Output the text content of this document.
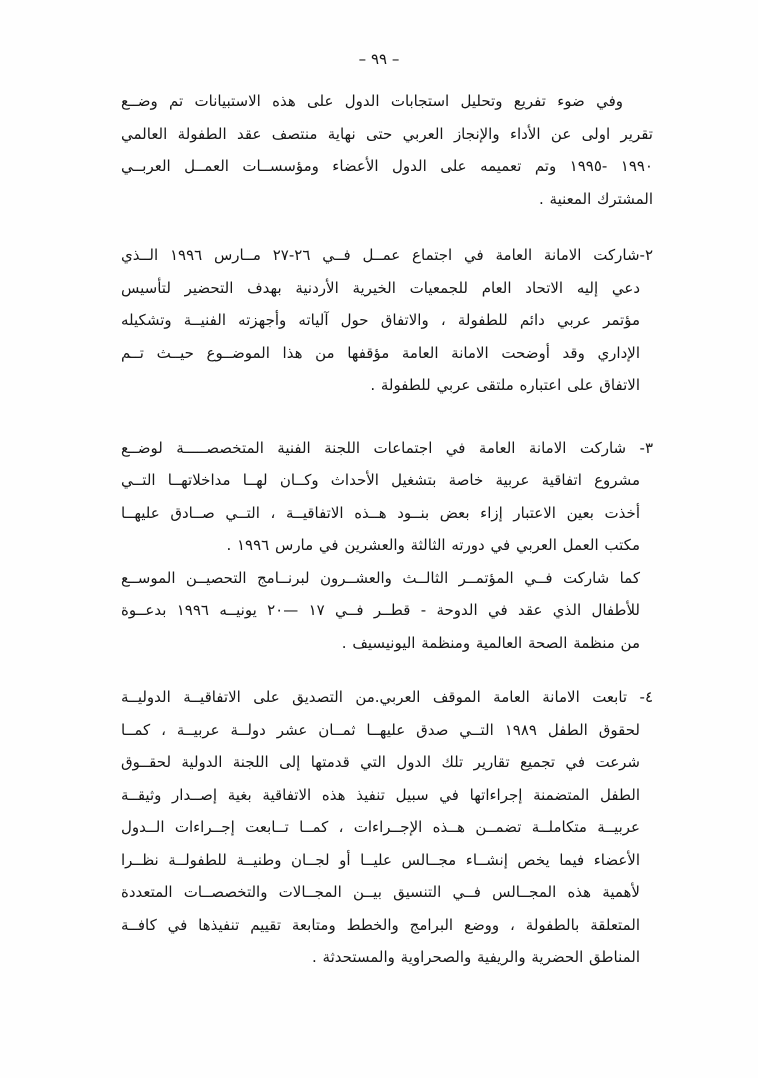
– ٩٩ –
وفي ضوء تفريع وتحليل استجابات الدول على هذه الاستبيانات تم وضــع
تقرير اولى عن الأداء والإنجاز العربي حتى نهاية منتصف عقد الطفولة العالمي
١٩٩٠ -١٩٩٥ وتم تعميمه على الدول الأعضاء ومؤسســات العمــل العربــي
المشترك المعنية .
٢-شاركت الامانة العامة في اجتماع عمــل فــي ٢٦-٢٧ مــارس ١٩٩٦ الــذي
دعي إليه الاتحاد العام للجمعيات الخيرية الأردنية بهدف التحضير لتأسيس
مؤتمر عربي دائم للطفولة ، والاتفاق حول آلياته وأجهزته الفنيــة وتشكيله
الإداري وقد أوضحت الامانة العامة مؤقفها من هذا الموضــوع حيــث تــم
الاتفاق على اعتباره ملتقى عربي للطفولة .
٣- شاركت الامانة العامة في اجتماعات اللجنة الفنية المتخصصـــــة لوضــع
مشروع اتفاقية عربية خاصة بتشغيل الأحداث وكــان لهــا مداخلاتهــا التــي
أخذت بعين الاعتبار إزاء بعض بنــود هــذه الاتفاقيــة ، التــي صــادق عليهــا
مكتب العمل العربي في دورته الثالثة والعشرين في مارس ١٩٩٦ .
كما شاركت فــي المؤتمــر الثالــث والعشــرون لبرنــامج التحصيــن الموســع
للأطفال الذي عقد في الدوحة - قطــر فــي ١٧ —٢٠ يونيــه ١٩٩٦ بدعــوة
من منظمة الصحة العالمية ومنظمة اليونيسيف .
٤- تابعت الامانة العامة الموقف العربي.من التصديق على الاتفاقيــة الدوليــة
لحقوق الطفل ١٩٨٩ التــي صدق عليهــا ثمــان عشر دولــة عربيــة ، كمــا
شرعت في تجميع تقارير تلك الدول التي قدمتها إلى اللجنة الدولية لحقــوق
الطفل المتضمنة إجراءاتها في سبيل تنفيذ هذه الاتفاقية بغية إصــدار وثيقــة
عربيــة متكاملــة تضمــن هــذه الإجــراءات ، كمــا تــابعت إجــراءات الــدول
الأعضاء فيما يخص إنشــاء مجــالس عليــا أو لجــان وطنيــة للطفولــة نظــرا
لأهمية هذه المجــالس فــي التنسيق بيــن المجــالات والتخصصــات المتعددة
المتعلقة بالطفولة ، ووضع البرامج والخطط ومتابعة تقييم تنفيذها في كافــة
المناطق الحضرية والريفية والصحراوية والمستحدثة .
